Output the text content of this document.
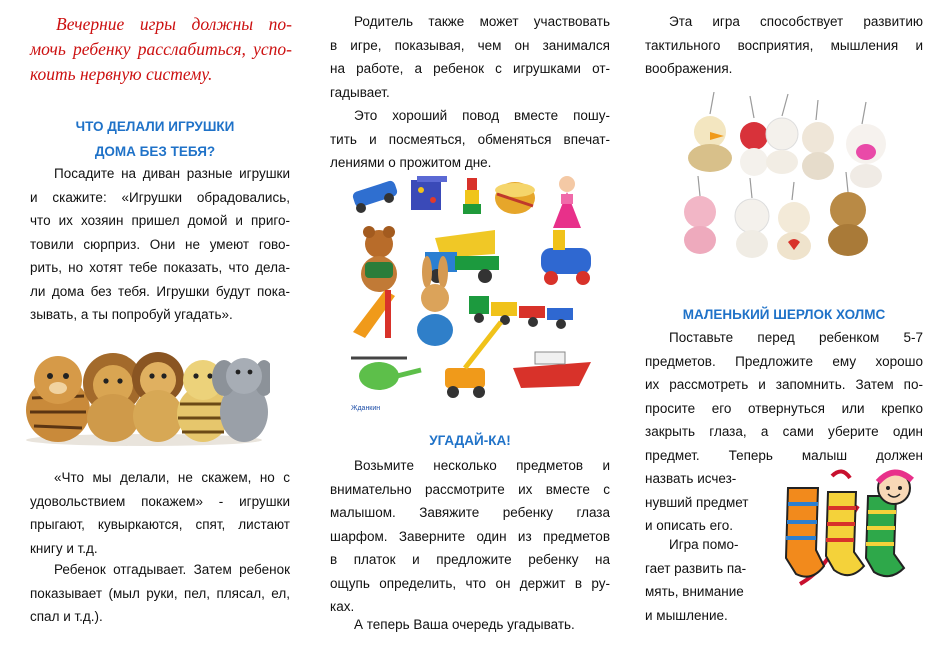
Вечерние игры должны по-
мочь ребенку расслабиться, успо-
коить нервную систему.

ЧТО ДЕЛАЛИ ИГРУШКИ
ДОМА БЕЗ ТЕБЯ?
Посадите на диван разные игрушки
и скажите: «Игрушки обрадовались,
что их хозяин пришел домой и приго-
товили сюрприз. Они не умеют гово-
рить, но хотят тебе показать, что дела-
ли дома без тебя. Игрушки будут пока-
зывать, а ты попробуй угадать».
«Что мы делали, не скажем, но с
удовольствием покажем» - игрушки
прыгают, кувыркаются, спят, листают
книгу и т.д.
Ребенок отгадывает. Затем ребенок
показывает (мыл руки, пел, плясал, ел,
спал и т.д.).
Родитель также может участвовать
в игре, показывая, чем он занимался
на работе, а ребенок с игрушками от-
гадывает.
Это хороший повод вместе пошу-
тить и посмеяться, обменяться впечат-
лениями о прожитом дне.
Жданкин
УГАДАЙ-КА!
Возьмите несколько предметов и
внимательно рассмотрите их вместе с
малышом. Завяжите ребенку глаза
шарфом. Заверните один из предметов
в платок и предложите ребенку на
ощупь определить, что он держит в ру-
ках.
А теперь Ваша очередь угадывать.
Эта игра способствует развитию
тактильного восприятия, мышления и
воображения.
МАЛЕНЬКИЙ ШЕРЛОК ХОЛМС
Поставьте перед ребенком 5-7
предметов. Предложите ему хорошо
их рассмотреть и запомнить. Затем по-
просите его отвернуться или крепко
закрыть глаза, а сами уберите один
предмет. Теперь малыш должен
назвать исчез-
нувший предмет
и описать его.
Игра помо-
гает развить па-
мять, внимание
и мышление.
